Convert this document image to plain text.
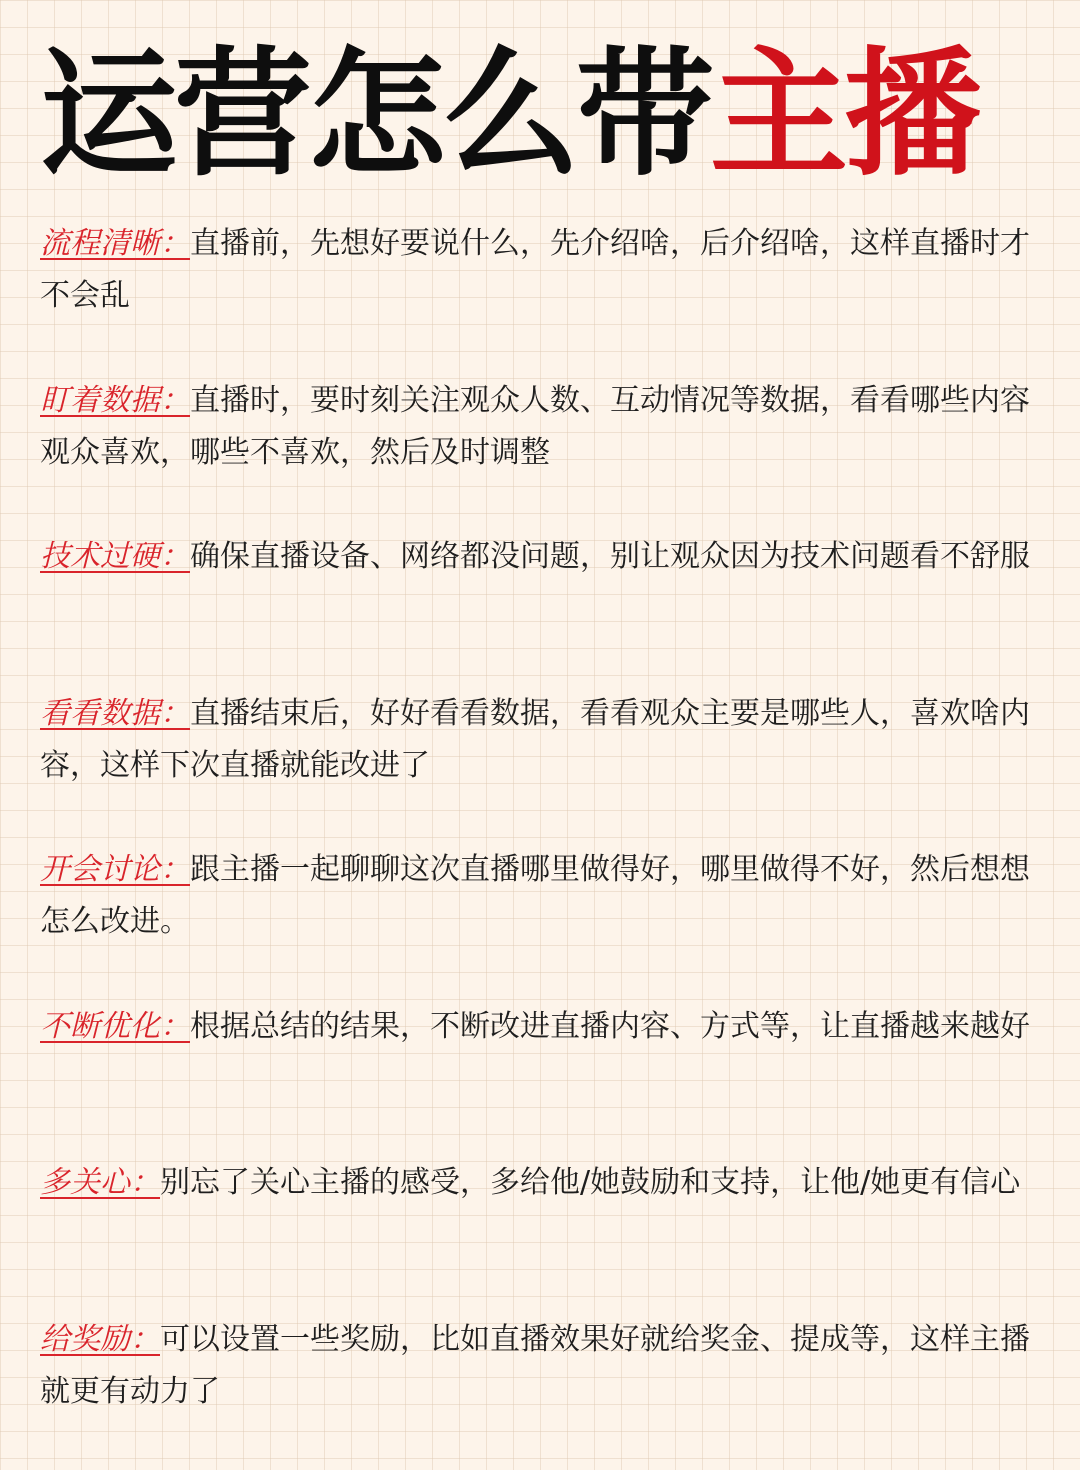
运营怎么带主播
流程清晰：直播前，先想好要说什么，先介绍啥，后介绍啥，这样直播时才不会乱
盯着数据：直播时，要时刻关注观众人数、互动情况等数据，看看哪些内容观众喜欢，哪些不喜欢，然后及时调整
技术过硬：确保直播设备、网络都没问题，别让观众因为技术问题看不舒服
看看数据：直播结束后，好好看看数据，看看观众主要是哪些人，喜欢啥内容，这样下次直播就能改进了
开会讨论：跟主播一起聊聊这次直播哪里做得好，哪里做得不好，然后想想怎么改进。
不断优化：根据总结的结果，不断改进直播内容、方式等，让直播越来越好
多关心：别忘了关心主播的感受，多给他/她鼓励和支持，让他/她更有信心
给奖励：可以设置一些奖励，比如直播效果好就给奖金、提成等，这样主播就更有动力了
